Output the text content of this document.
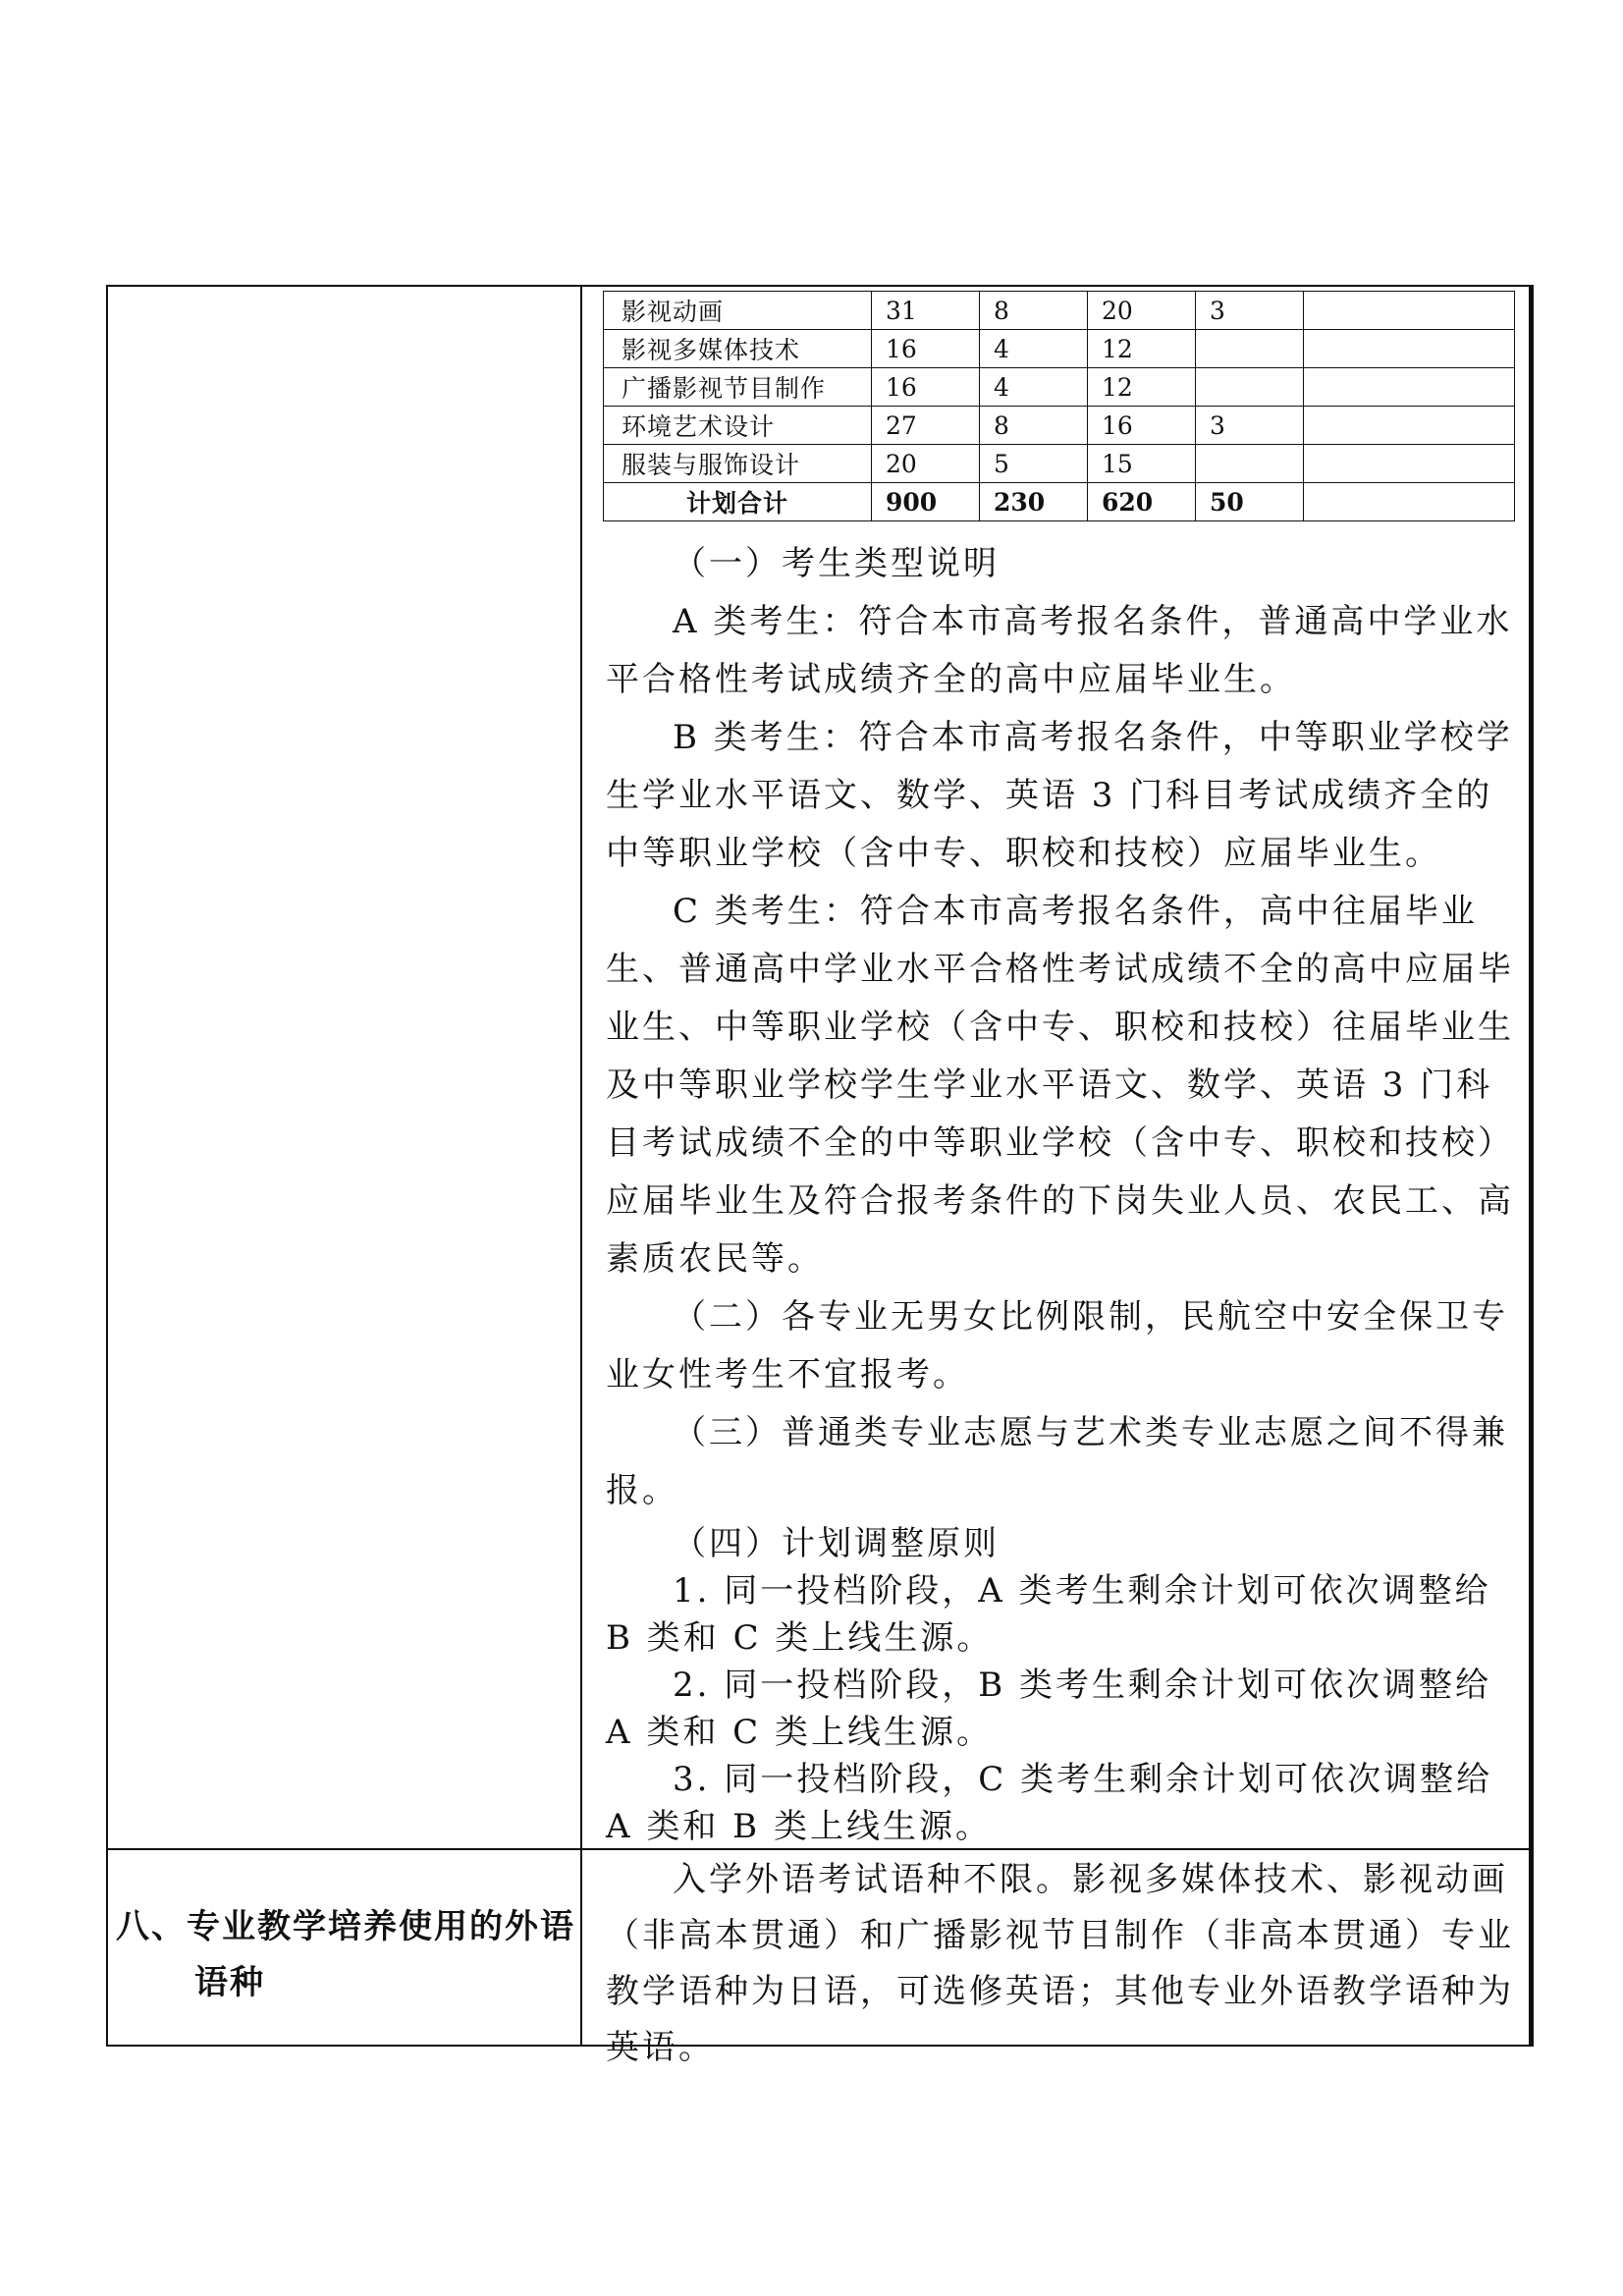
影视动画	31	8	20	3	
影视多媒体技术	16	4	12		
广播影视节目制作	16	4	12		
环境艺术设计	27	8	16	3	
服装与服饰设计	20	5	15		
计划合计	900	230	620	50	

（一）考生类型说明

A 类考生：符合本市高考报名条件，普通高中学业水平合格性考试成绩齐全的高中应届毕业生。

B 类考生：符合本市高考报名条件，中等职业学校学生学业水平语文、数学、英语 3 门科目考试成绩齐全的中等职业学校（含中专、职校和技校）应届毕业生。

C 类考生：符合本市高考报名条件，高中往届毕业生、普通高中学业水平合格性考试成绩不全的高中应届毕业生、中等职业学校（含中专、职校和技校）往届毕业生及中等职业学校学生学业水平语文、数学、英语 3 门科目考试成绩不全的中等职业学校（含中专、职校和技校）应届毕业生及符合报考条件的下岗失业人员、农民工、高素质农民等。

（二）各专业无男女比例限制，民航空中安全保卫专业女性考生不宜报考。

（三）普通类专业志愿与艺术类专业志愿之间不得兼报。

（四）计划调整原则

1. 同一投档阶段，A 类考生剩余计划可依次调整给 B 类和 C 类上线生源。

2. 同一投档阶段，B 类考生剩余计划可依次调整给 A 类和 C 类上线生源。

3. 同一投档阶段，C 类考生剩余计划可依次调整给 A 类和 B 类上线生源。

八、专业教学培养使用的外语
语种

入学外语考试语种不限。影视多媒体技术、影视动画（非高本贯通）和广播影视节目制作（非高本贯通）专业教学语种为日语，可选修英语；其他专业外语教学语种为英语。
